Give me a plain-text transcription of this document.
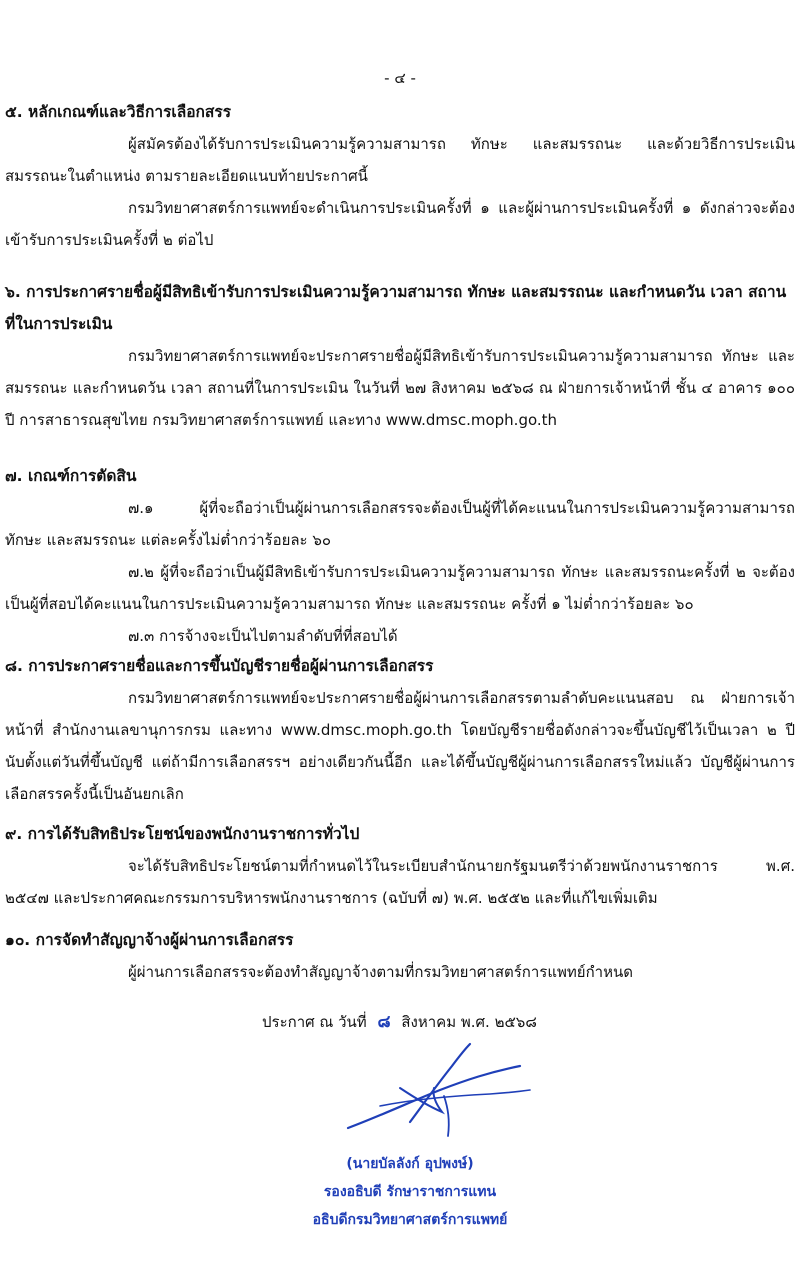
- ๔ -

๕. หลักเกณฑ์และวิธีการเลือกสรร

ผู้สมัครต้องได้รับการประเมินความรู้ความสามารถ ทักษะ และสมรรถนะ และด้วยวิธีการประเมินสมรรถนะในตำแหน่ง ตามรายละเอียดแนบท้ายประกาศนี้

กรมวิทยาศาสตร์การแพทย์จะดำเนินการประเมินครั้งที่ ๑ และผู้ผ่านการประเมินครั้งที่ ๑ ดังกล่าวจะต้องเข้ารับการประเมินครั้งที่ ๒ ต่อไป

๖. การประกาศรายชื่อผู้มีสิทธิเข้ารับการประเมินความรู้ความสามารถ ทักษะ และสมรรถนะ และกำหนดวัน เวลา สถานที่ในการประเมิน

กรมวิทยาศาสตร์การแพทย์จะประกาศรายชื่อผู้มีสิทธิเข้ารับการประเมินความรู้ความสามารถ ทักษะ และสมรรถนะ และกำหนดวัน เวลา สถานที่ในการประเมิน ในวันที่ ๒๗ สิงหาคม ๒๕๖๘ ณ ฝ่ายการเจ้าหน้าที่ ชั้น ๔ อาคาร ๑๐๐ ปี การสาธารณสุขไทย กรมวิทยาศาสตร์การแพทย์ และทาง www.dmsc.moph.go.th

๗. เกณฑ์การตัดสิน

๗.๑ ผู้ที่จะถือว่าเป็นผู้ผ่านการเลือกสรรจะต้องเป็นผู้ที่ได้คะแนนในการประเมินความรู้ความสามารถ ทักษะ และสมรรถนะ แต่ละครั้งไม่ต่ำกว่าร้อยละ ๖๐

๗.๒ ผู้ที่จะถือว่าเป็นผู้มีสิทธิเข้ารับการประเมินความรู้ความสามารถ ทักษะ และสมรรถนะครั้งที่ ๒ จะต้องเป็นผู้ที่สอบได้คะแนนในการประเมินความรู้ความสามารถ ทักษะ และสมรรถนะ ครั้งที่ ๑ ไม่ต่ำกว่าร้อยละ ๖๐

๗.๓ การจ้างจะเป็นไปตามลำดับที่ที่สอบได้

๘. การประกาศรายชื่อและการขึ้นบัญชีรายชื่อผู้ผ่านการเลือกสรร

กรมวิทยาศาสตร์การแพทย์จะประกาศรายชื่อผู้ผ่านการเลือกสรรตามลำดับคะแนนสอบ ณ ฝ่ายการเจ้าหน้าที่ สำนักงานเลขานุการกรม และทาง www.dmsc.moph.go.th โดยบัญชีรายชื่อดังกล่าวจะขึ้นบัญชีไว้เป็นเวลา ๒ ปี นับตั้งแต่วันที่ขึ้นบัญชี แต่ถ้ามีการเลือกสรรฯ อย่างเดียวกันนี้อีก และได้ขึ้นบัญชีผู้ผ่านการเลือกสรรใหม่แล้ว บัญชีผู้ผ่านการเลือกสรรครั้งนี้เป็นอันยกเลิก

๙. การได้รับสิทธิประโยชน์ของพนักงานราชการทั่วไป

จะได้รับสิทธิประโยชน์ตามที่กำหนดไว้ในระเบียบสำนักนายกรัฐมนตรีว่าด้วยพนักงานราชการ พ.ศ. ๒๕๔๗ และประกาศคณะกรรมการบริหารพนักงานราชการ (ฉบับที่ ๗) พ.ศ. ๒๕๕๒ และที่แก้ไขเพิ่มเติม

๑๐. การจัดทำสัญญาจ้างผู้ผ่านการเลือกสรร

ผู้ผ่านการเลือกสรรจะต้องทำสัญญาจ้างตามที่กรมวิทยาศาสตร์การแพทย์กำหนด

ประกาศ ณ วันที่ ๘ สิงหาคม พ.ศ. ๒๕๖๘
(นายบัลลังก์ อุปพงษ์)
รองอธิบดี รักษาราชการแทน
อธิบดีกรมวิทยาศาสตร์การแพทย์
